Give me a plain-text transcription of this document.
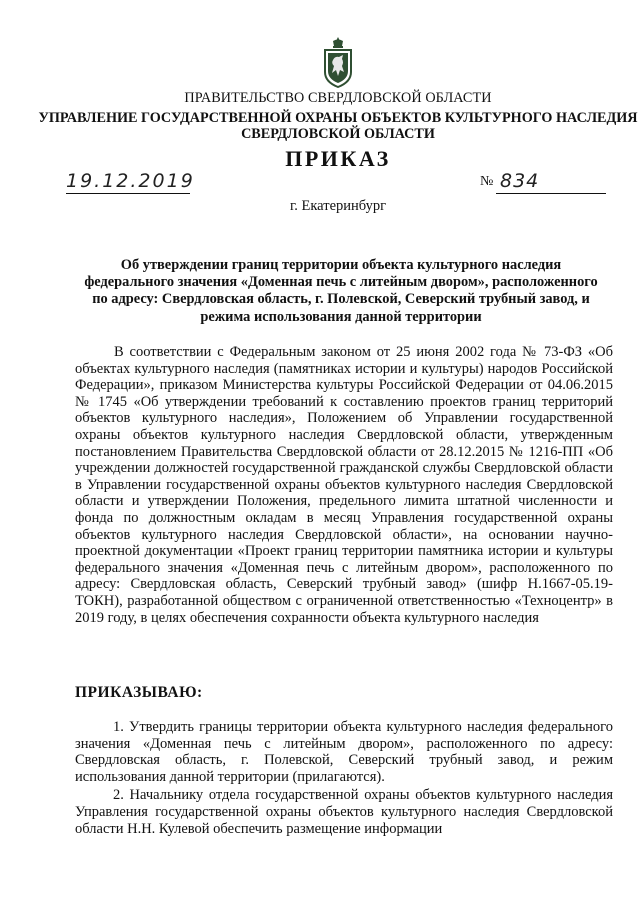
ПРАВИТЕЛЬСТВО СВЕРДЛОВСКОЙ ОБЛАСТИ
УПРАВЛЕНИЕ ГОСУДАРСТВЕННОЙ ОХРАНЫ ОБЪЕКТОВ КУЛЬТУРНОГО НАСЛЕДИЯ СВЕРДЛОВСКОЙ ОБЛАСТИ
ПРИКАЗ
19.12.2019	№ 834
г. Екатеринбург
Об утверждении границ территории объекта культурного наследия федерального значения «Доменная печь с литейным двором», расположенного по адресу: Свердловская область, г. Полевской, Северский трубный завод, и режима использования данной территории

В соответствии с Федеральным законом от 25 июня 2002 года № 73-ФЗ «Об объектах культурного наследия (памятниках истории и культуры) народов Российской Федерации», приказом Министерства культуры Российской Федерации от 04.06.2015 № 1745 «Об утверждении требований к составлению проектов границ территорий объектов культурного наследия», Положением об Управлении государственной охраны объектов культурного наследия Свердловской области, утвержденным постановлением Правительства Свердловской области от 28.12.2015 № 1216-ПП «Об учреждении должностей государственной гражданской службы Свердловской области в Управлении государственной охраны объектов культурного наследия Свердловской области и утверждении Положения, предельного лимита штатной численности и фонда по должностным окладам в месяц Управления государственной охраны объектов культурного наследия Свердловской области», на основании научно-проектной документации «Проект границ территории памятника истории и культуры федерального значения «Доменная печь с литейным двором», расположенного по адресу: Свердловская область, Северский трубный завод» (шифр Н.1667-05.19-ТОКН), разработанной обществом с ограниченной ответственностью «Техноцентр» в 2019 году, в целях обеспечения сохранности объекта культурного наследия

ПРИКАЗЫВАЮ:

1. Утвердить границы территории объекта культурного наследия федерального значения «Доменная печь с литейным двором», расположенного по адресу: Свердловская область, г. Полевской, Северский трубный завод, и режим использования данной территории (прилагаются).

2. Начальнику отдела государственной охраны объектов культурного наследия Управления государственной охраны объектов культурного наследия Свердловской области Н.Н. Кулевой обеспечить размещение информации
